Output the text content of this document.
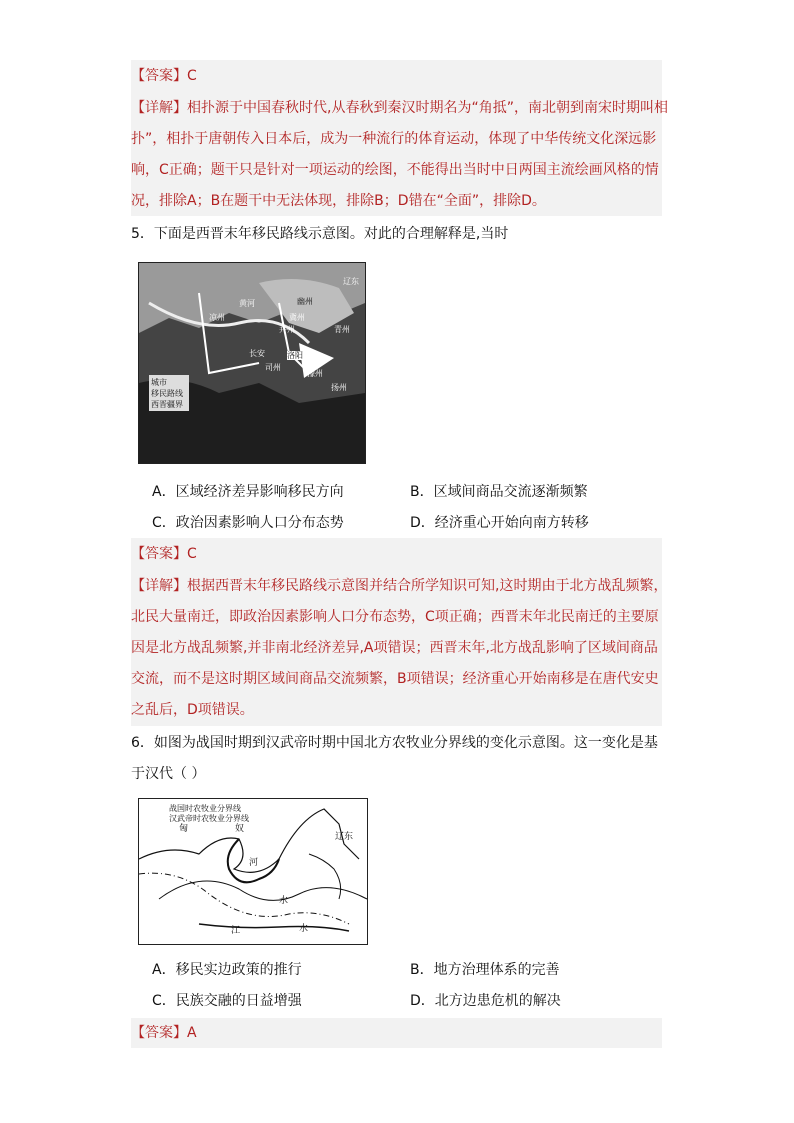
【答案】C
【详解】相扑源于中国春秋时代,从春秋到秦汉时期名为“角抵”，南北朝到南宋时期叫相
扑”，相扑于唐朝传入日本后，成为一种流行的体育运动，体现了中华传统文化深远影
响，C正确；题干只是针对一项运动的绘图，不能得出当时中日两国主流绘画风格的情
况，排除A；B在题干中无法体现，排除B；D错在“全面”，排除D。
5．下面是西晋末年移民路线示意图。对此的合理解释是,当时
辽东
黄河	幽州
冀州
并州	青州
凉州
长安	洛阳
司州
豫州
扬州
城市
移民路线
西晋疆界
A．区域经济差异影响移民方向	B．区域间商品交流逐渐频繁
C．政治因素影响人口分布态势	D．经济重心开始向南方转移
【答案】C
【详解】根据西晋末年移民路线示意图并结合所学知识可知,这时期由于北方战乱频繁，
北民大量南迁，即政治因素影响人口分布态势，C项正确；西晋末年北民南迁的主要原
因是北方战乱频繁,并非南北经济差异,A项错误；西晋末年,北方战乱影响了区域间商品
交流，而不是这时期区域间商品交流频繁，B项错误；经济重心开始南移是在唐代安史
之乱后，D项错误。
6．如图为战国时期到汉武帝时期中国北方农牧业分界线的变化示意图。这一变化是基
于汉代（ ）
战国时农牧业分界线
汉武帝时农牧业分界线
匈	奴
辽东
河
水
江	水
A．移民实边政策的推行	B．地方治理体系的完善
C．民族交融的日益增强	D．北方边患危机的解决
【答案】A
